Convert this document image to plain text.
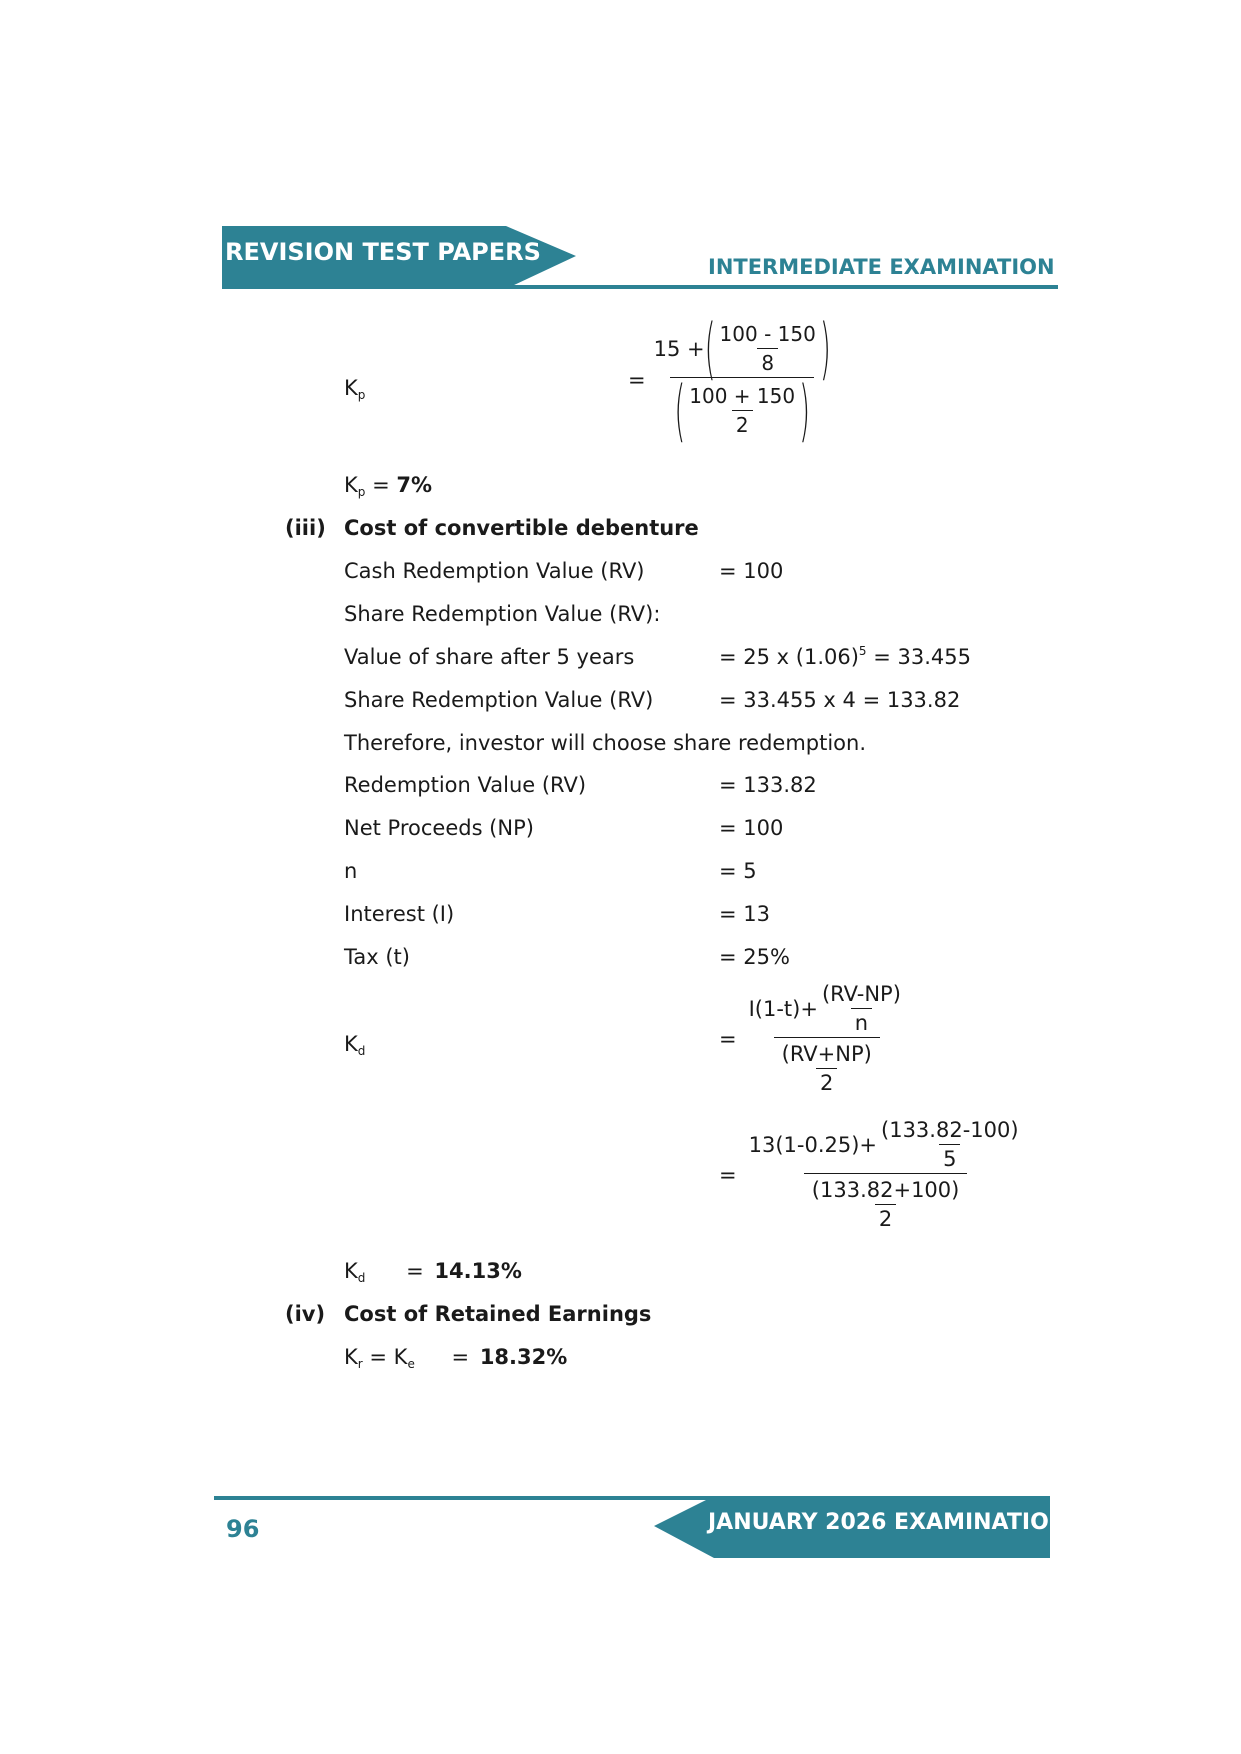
REVISION TEST PAPERS
INTERMEDIATE EXAMINATION
$K_p$
=
15 + ( $\frac{100 - 150}{8}$ )
( $\frac{100 + 150}{2}$ )
$K_p = 7\%$
(iii) Cost of convertible debenture
Cash Redemption Value (RV)	= 100
Share Redemption Value (RV):
Value of share after 5 years	= 25 x $(1.06)^5 = 33.455$
Share Redemption Value (RV)	= 33.455 x 4 = 133.82
Therefore, investor will choose share redemption.
Redemption Value (RV)	= 133.82
Net Proceeds (NP)	= 100
n	= 5
Interest (I)	= 13
Tax (t)	= 25%
$K_d$
= $\frac{I(1-t)+ \frac{(RV-NP)}{n}}{\frac{(RV+NP)}{2}}$
= $\frac{13(1-0.25)+ \frac{(133.82-100)}{5}}{\frac{(133.82+100)}{2}}$
$K_d = 14.13\%$
(iv) Cost of Retained Earnings
$K_r = K_e = 18.32\%$
JANUARY 2026 EXAMINATION
96
